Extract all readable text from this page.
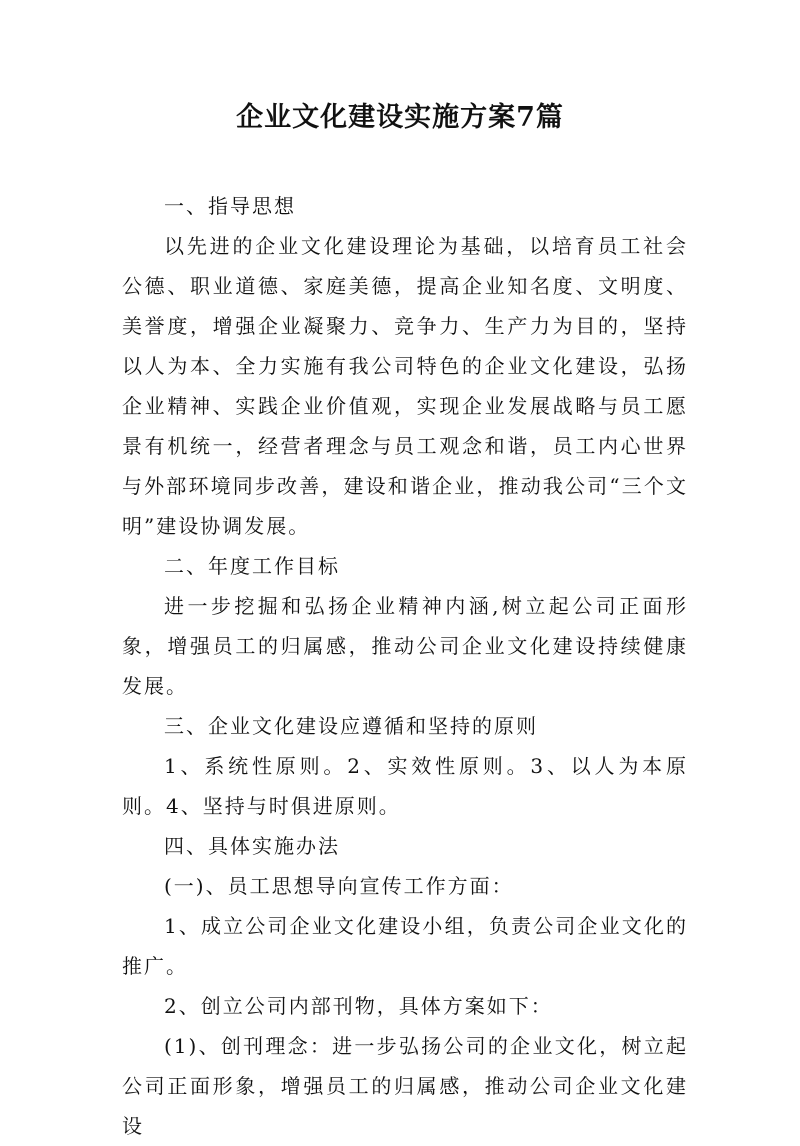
企业文化建设实施方案7篇

一、指导思想

以先进的企业文化建设理论为基础，以培育员工社会公德、职业道德、家庭美德，提高企业知名度、文明度、美誉度，增强企业凝聚力、竞争力、生产力为目的，坚持以人为本、全力实施有我公司特色的企业文化建设，弘扬企业精神、实践企业价值观，实现企业发展战略与员工愿景有机统一，经营者理念与员工观念和谐，员工内心世界与外部环境同步改善，建设和谐企业，推动我公司“三个文明”建设协调发展。

二、年度工作目标

进一步挖掘和弘扬企业精神内涵,树立起公司正面形象，增强员工的归属感，推动公司企业文化建设持续健康发展。

三、企业文化建设应遵循和坚持的原则

1、系统性原则。2、实效性原则。3、以人为本原则。4、坚持与时俱进原则。

四、具体实施办法

(一)、员工思想导向宣传工作方面：

1、成立公司企业文化建设小组，负责公司企业文化的推广。

2、创立公司内部刊物，具体方案如下：

(1)、创刊理念：进一步弘扬公司的企业文化，树立起公司正面形象，增强员工的归属感，推动公司企业文化建设
